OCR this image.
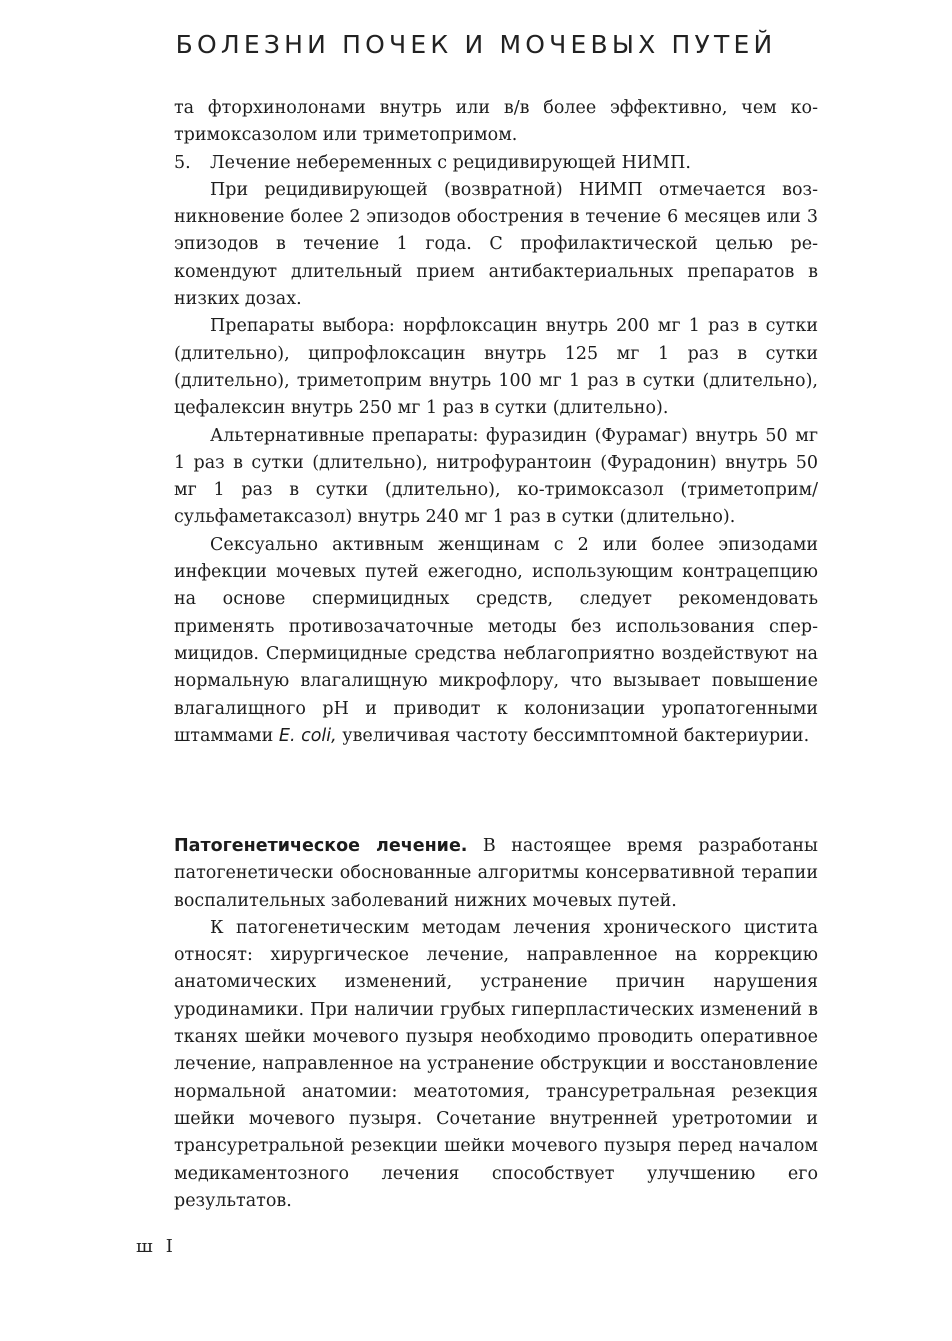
БОЛЕЗНИ ПОЧЕК И МОЧЕВЫХ ПУТЕЙ

та фторхинолонами внутрь или в/в более эффективно, чем котримоксазолом или триметопримом.

5. Лечение небеременных с рецидивирующей НИМП.

При рецидивирующей (возвратной) НИМП отмечается возникновение более 2 эпизодов обострения в течение 6 месяцев или 3 эпизодов в течение 1 года. С профилактической целью рекомендуют длительный прием антибактериальных препаратов в низких дозах.

Препараты выбора: норфлоксацин внутрь 200 мг 1 раз в сутки (длительно), ципрофлоксацин внутрь 125 мг 1 раз в сутки (длительно), триметоприм внутрь 100 мг 1 раз в сутки (длительно), цефалексин внутрь 250 мг 1 раз в сутки (длительно).

Альтернативные препараты: фуразидин (Фурамаг) внутрь 50 мг 1 раз в сутки (длительно), нитрофурантоин (Фурадонин) внутрь 50 мг 1 раз в сутки (длительно), ко-тримоксазол (триметоприм/сульфаметаксазол) внутрь 240 мг 1 раз в сутки (длительно).

Сексуально активным женщинам с 2 или более эпизодами инфекции мочевых путей ежегодно, использующим контрацепцию на основе спермицидных средств, следует рекомендовать применять противозачаточные методы без использования спермицидов. Спермицидные средства неблагоприятно воздействуют на нормальную влагалищную микрофлору, что вызывает повышение влагалищного рН и приводит к колонизации уропатогенными штаммами E. coli, увеличивая частоту бессимптомной бактериурии.

Патогенетическое лечение. В настоящее время разработаны патогенетически обоснованные алгоритмы консервативной терапии воспалительных заболеваний нижних мочевых путей.

К патогенетическим методам лечения хронического цистита относят: хирургическое лечение, направленное на коррекцию анатомических изменений, устранение причин нарушения уродинамики. При наличии грубых гиперпластических изменений в тканях шейки мочевого пузыря необходимо проводить оперативное лечение, направленное на устранение обструкции и восстановление нормальной анатомии: меатотомия, трансуретральная резекция шейки мочевого пузыря. Сочетание внутренней уретротомии и трансуретральной резекции шейки мочевого пузыря перед началом медикаментозного лечения способствует улучшению его результатов.

ш I
